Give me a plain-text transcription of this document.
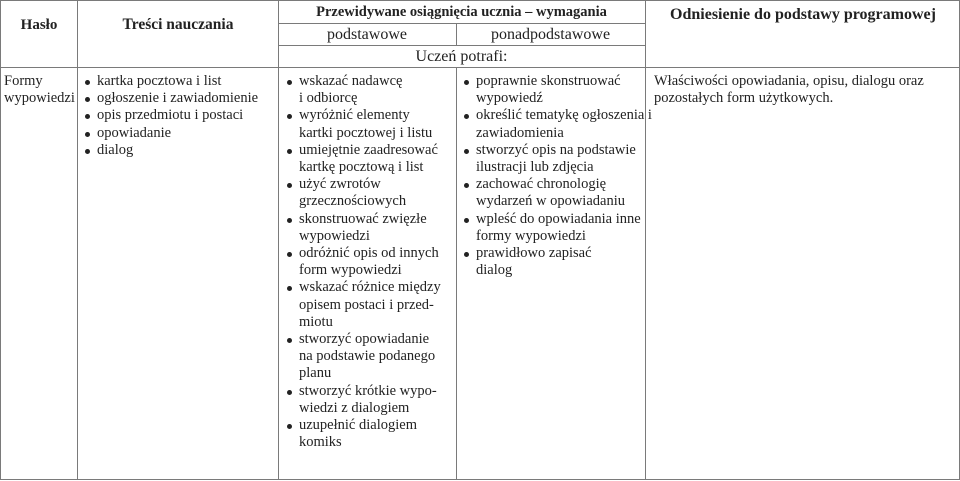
Hasło	Treści nauczania
Przewidywane osiągnięcia ucznia – wymagania
podstawowe	ponadpodstawowe
Uczeń potrafi:
Odniesienie do podstawy programowej
Formy
wypowiedzi
kartka pocztowa i list
ogłoszenie i zawiadomienie
opis przedmiotu i postaci
opowiadanie
dialog
wskazać nadawcę
i odbiorcę
wyróżnić elementy
kartki pocztowej i listu
umiejętnie zaadresować
kartkę pocztową i list
użyć zwrotów
grzecznościowych
skonstruować zwięzłe
wypowiedzi
odróżnić opis od innych
form wypowiedzi
wskazać różnice między
opisem postaci i przed-
miotu
stworzyć opowiadanie
na podstawie podanego
planu
stworzyć krótkie wypo-
wiedzi z dialogiem
uzupełnić dialogiem
komiks
poprawnie skonstruować
wypowiedź
określić tematykę ogłoszenia i
zawiadomienia
stworzyć opis na podstawie
ilustracji lub zdjęcia
zachować chronologię
wydarzeń w opowiadaniu
wpleść do opowiadania inne
formy wypowiedzi
prawidłowo zapisać
dialog
Właściwości opowiadania, opisu, dialogu oraz
pozostałych form użytkowych.
